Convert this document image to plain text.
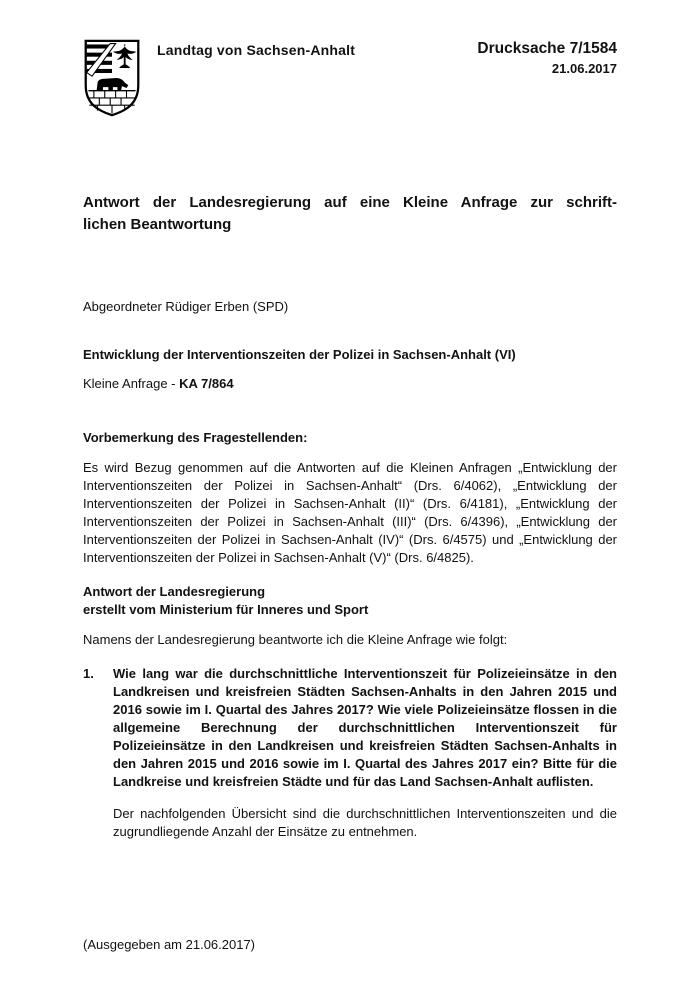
Landtag von Sachsen-Anhalt	Drucksache 7/1584
21.06.2017
Antwort der Landesregierung auf eine Kleine Anfrage zur schrift-
lichen Beantwortung
Abgeordneter Rüdiger Erben (SPD)
Entwicklung der Interventionszeiten der Polizei in Sachsen-Anhalt (VI)
Kleine Anfrage - KA 7/864
Vorbemerkung des Fragestellenden:
Es wird Bezug genommen auf die Antworten auf die Kleinen Anfragen „Entwicklung der Interventionszeiten der Polizei in Sachsen-Anhalt“ (Drs. 6/4062), „Entwicklung der Interventionszeiten der Polizei in Sachsen-Anhalt (II)“ (Drs. 6/4181), „Entwicklung der Interventionszeiten der Polizei in Sachsen-Anhalt (III)“ (Drs. 6/4396), „Entwicklung der Interventionszeiten der Polizei in Sachsen-Anhalt (IV)“ (Drs. 6/4575) und „Entwicklung der Interventionszeiten der Polizei in Sachsen-Anhalt (V)“ (Drs. 6/4825).
Antwort der Landesregierung
erstellt vom Ministerium für Inneres und Sport
Namens der Landesregierung beantworte ich die Kleine Anfrage wie folgt:
1.	Wie lang war die durchschnittliche Interventionszeit für Polizeieinsätze in den Landkreisen und kreisfreien Städten Sachsen-Anhalts in den Jahren 2015 und 2016 sowie im I. Quartal des Jahres 2017? Wie viele Polizeieinsätze flossen in die allgemeine Berechnung der durchschnittlichen Interventionszeit für Polizeieinsätze in den Landkreisen und kreisfreien Städten Sachsen-Anhalts in den Jahren 2015 und 2016 sowie im I. Quartal des Jahres 2017 ein? Bitte für die Landkreise und kreisfreien Städte und für das Land Sachsen-Anhalt auflisten.
Der nachfolgenden Übersicht sind die durchschnittlichen Interventionszeiten und die zugrundliegende Anzahl der Einsätze zu entnehmen.
(Ausgegeben am 21.06.2017)
